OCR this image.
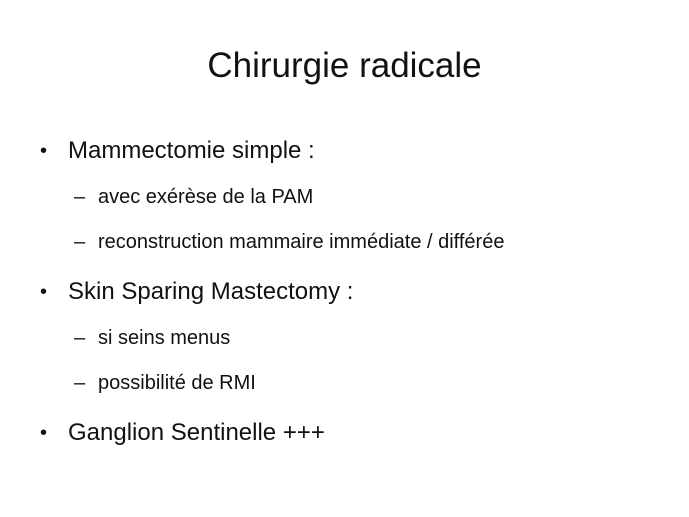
Chirurgie radicale
• Mammectomie simple :
– avec exérèse de la PAM
– reconstruction mammaire immédiate / différée
• Skin Sparing Mastectomy :
– si seins menus
– possibilité de RMI
• Ganglion Sentinelle +++
